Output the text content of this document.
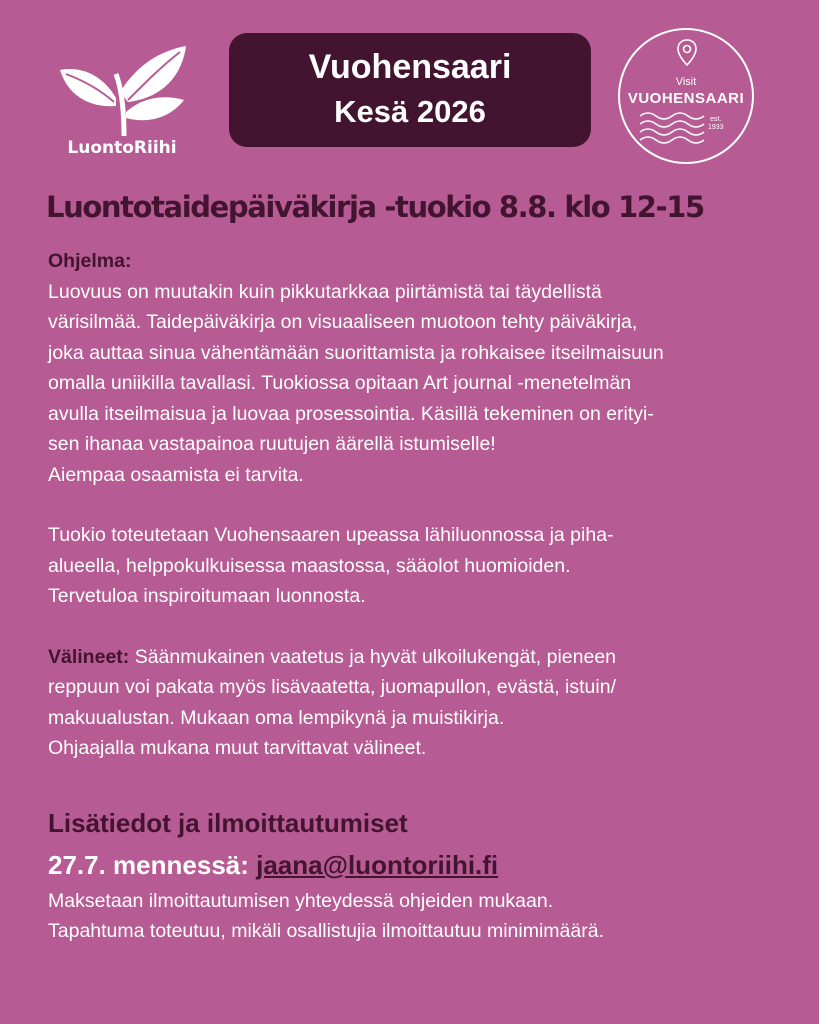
LuontoRiihi
Vuohensaari
Kesä 2026
Visit
VUOHENSAARI
est.
1933
Luontotaidepäiväkirja -tuokio 8.8. klo 12-15

Ohjelma:

Luovuus on muutakin kuin pikkutarkkaa piirtämistä tai täydellistä

värisilmää. Taidepäiväkirja on visuaaliseen muotoon tehty päiväkirja,

joka auttaa sinua vähentämään suorittamista ja rohkaisee itseilmaisuun

omalla uniikilla tavallasi. Tuokiossa opitaan Art journal -menetelmän

avulla itseilmaisua ja luovaa prosessointia. Käsillä tekeminen on erityi-

sen ihanaa vastapainoa ruutujen äärellä istumiselle!

Aiempaa osaamista ei tarvita.

Tuokio toteutetaan Vuohensaaren upeassa lähiluonnossa ja piha-

alueella, helppokulkuisessa maastossa, sääolot huomioiden.

Tervetuloa inspiroitumaan luonnosta.

Välineet: Säänmukainen vaatetus ja hyvät ulkoilukengät, pieneen

reppuun voi pakata myös lisävaatetta, juomapullon, evästä, istuin/

makuualustan. Mukaan oma lempikynä ja muistikirja.

Ohjaajalla mukana muut tarvittavat välineet.

Lisätiedot ja ilmoittautumiset

27.7. mennessä: jaana@luontoriihi.fi

Maksetaan ilmoittautumisen yhteydessä ohjeiden mukaan.

Tapahtuma toteutuu, mikäli osallistujia ilmoittautuu minimimäärä.
